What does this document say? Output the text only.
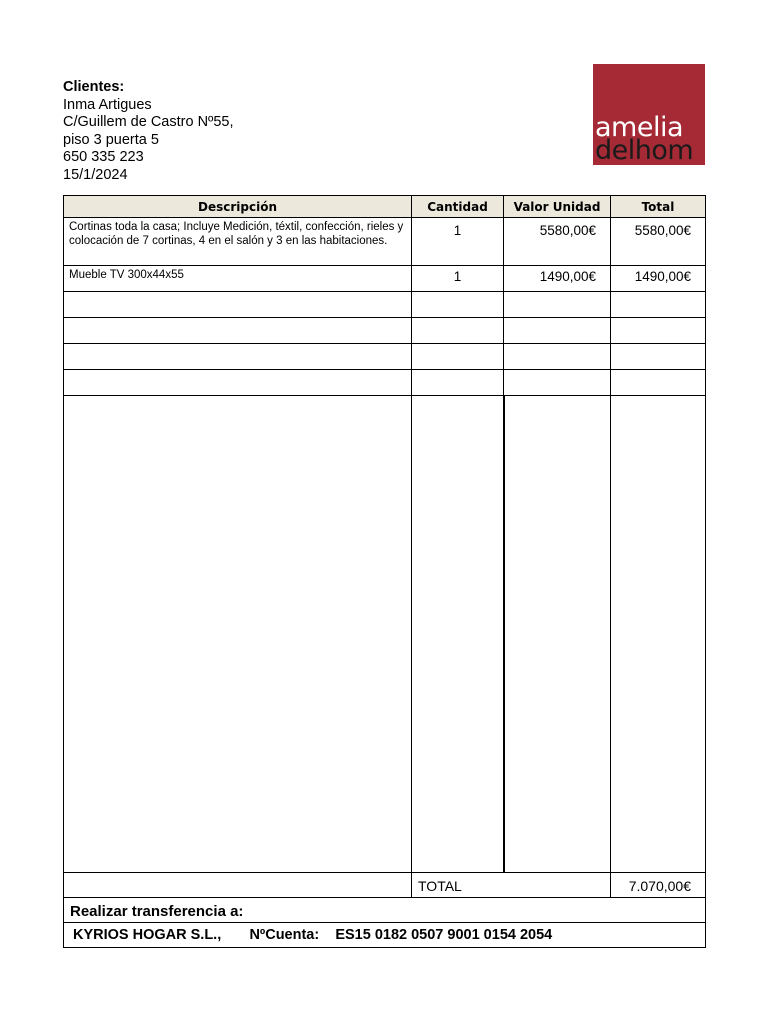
Clientes:
Inma Artigues
C/Guillem de Castro Nº55,
piso 3 puerta 5
650 335 223
15/1/2024
amelia
delhom
Descripción	Cantidad	Valor Unidad	Total
Cortinas toda la casa; Incluye Medición, téxtil, confección, rieles y colocación de 7 cortinas, 4 en el salón y 3 en las habitaciones.	1	5580,00€	5580,00€
Mueble TV 300x44x55	1	1490,00€	1490,00€

	TOTAL		7.070,00€
Realizar transferencia a:			
KYRIOS HOGAR S.L., NºCuenta: ES15 0182 0507 9001 0154 2054			
